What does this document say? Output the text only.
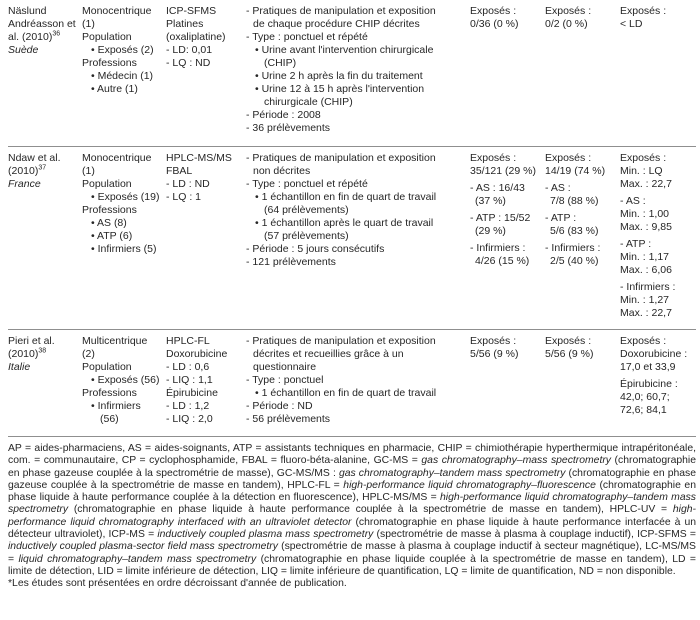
Näslund Andréasson et al. $(2010)^{36}$
Suède
Monocentrique (1)
Population
• Exposés (2)
Professions
• Médecin (1)
• Autre (1)
ICP-SFMS
Platines
(oxaliplatine)
- LD: 0,01
- LQ : ND
- Pratiques de manipulation et exposition
de chaque procédure CHIP décrites
- Type : ponctuel et répété
• Urine avant l'intervention chirurgicale
(CHIP)
• Urine 2 h après la fin du traitement
• Urine 12 à 15 h après l'intervention
chirurgicale (CHIP)
- Période : 2008
- 36 prélèvements
Exposés :
0/36 (0 %)
Exposés :
0/2 (0 %)
Exposés :
< LD
Ndaw et al. $(2010)^{37}$
France
Monocentrique (1)
Population
• Exposés (19)
Professions
• AS (8)
• ATP (6)
• Infirmiers (5)
HPLC-MS/MS
FBAL
- LD : ND
- LQ : 1
- Pratiques de manipulation et exposition
non décrites
- Type : ponctuel et répété
• 1 échantillon en fin de quart de travail
(64 prélèvements)
• 1 échantillon après le quart de travail
(57 prélèvements)
- Période : 5 jours consécutifs
- 121 prélèvements
Exposés :
35/121 (29 %)
- AS : 16/43
(37 %)
- ATP : 15/52
(29 %)
- Infirmiers :
4/26 (15 %)
Exposés :
14/19 (74 %)
- AS :
7/8 (88 %)
- ATP :
5/6 (83 %)
- Infirmiers :
2/5 (40 %)
Exposés :
Min. : LQ
Max. : 22,7
- AS :
Min. : 1,00
Max. : 9,85
- ATP :
Min. : 1,17
Max. : 6,06
- Infirmiers :
Min. : 1,27
Max. : 22,7
Pieri et al. $(2010)^{38}$
Italie
Multicentrique (2)
Population
• Exposés (56)
Professions
• Infirmiers (56)
HPLC-FL
Doxorubicine
- LD : 0,6
- LIQ : 1,1
Épirubicine
- LD : 1,2
- LIQ : 2,0
- Pratiques de manipulation et exposition
décrites et recueillies grâce à un
questionnaire
- Type : ponctuel
• 1 échantillon en fin de quart de travail
- Période : ND
- 56 prélèvements
Exposés :
5/56 (9 %)
Exposés :
5/56 (9 %)
Exposés :
Doxorubicine :
17,0 et 33,9
Épirubicine :
42,0; 60,7;
72,6; 84,1

AP = aides-pharmaciens, AS = aides-soignants, ATP = assistants techniques en pharmacie, CHIP = chimiothérapie hyperthermique intrapéritonéale, com. = communautaire, CP = cyclophosphamide, FBAL = fluoro-béta-alanine, GC-MS = gas chromatography–mass spectrometry (chromatographie en phase gazeuse couplée à la spectrométrie de masse), GC-MS/MS : gas chromatography–tandem mass spectrometry (chromatographie en phase gazeuse couplée à la spectrométrie de masse en tandem), HPLC-FL = high-performance liquid chromatography–fluorescence (chromatographie en phase liquide à haute performance couplée à la détection en fluorescence), HPLC-MS/MS = high-performance liquid chromatography–tandem mass spectrometry (chromatographie en phase liquide à haute performance couplée à la spectrométrie de masse en tandem), HPLC-UV = high-performance liquid chromatography interfaced with an ultraviolet detector (chromatographie en phase liquide à haute performance interfacée à un détecteur ultraviolet), ICP-MS = inductively coupled plasma mass spectrometry (spectrométrie de masse à plasma à couplage inductif), ICP-SFMS = inductively coupled plasma-sector field mass spectrometry (spectrométrie de masse à plasma à couplage inductif à secteur magnétique), LC-MS/MS = liquid chromatography–tandem mass spectrometry (chromatographie en phase liquide couplée à la spectrométrie de masse en tandem), LD = limite de détection, LID = limite inférieure de détection, LIQ = limite inférieure de quantification, LQ = limite de quantification, ND = non disponible.

*Les études sont présentées en ordre décroissant d'année de publication.
